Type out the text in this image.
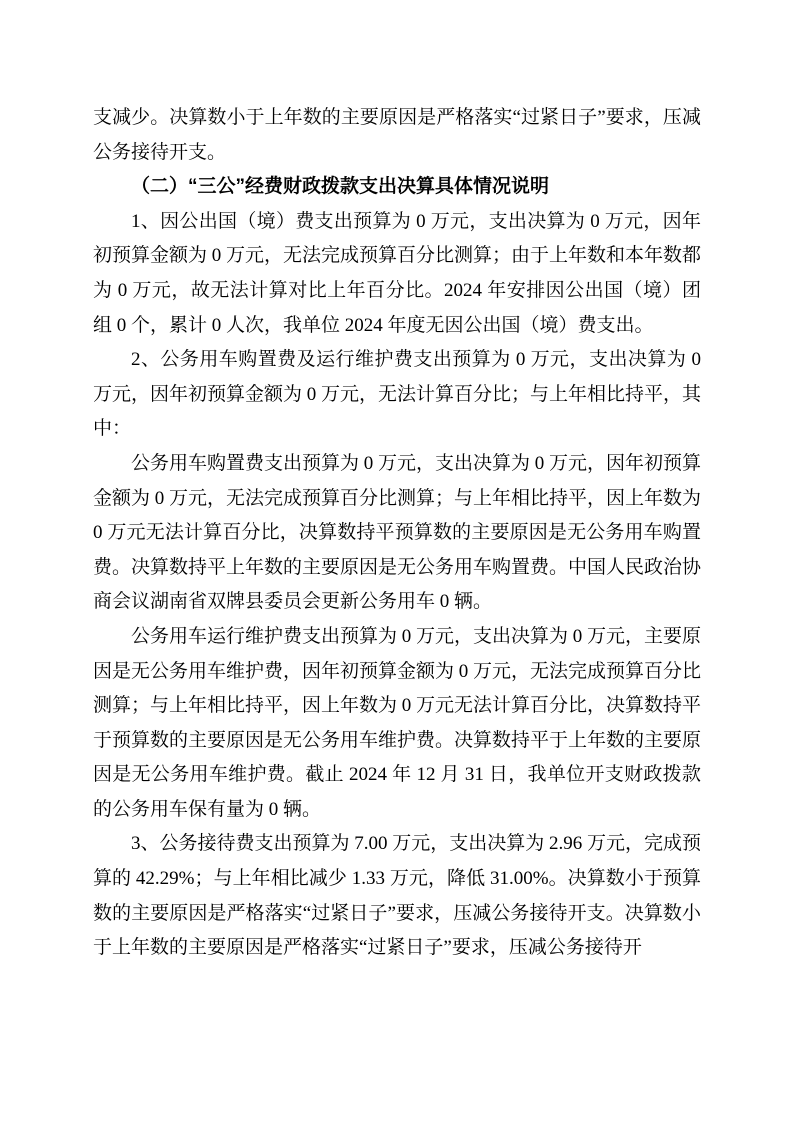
支减少。决算数小于上年数的主要原因是严格落实“过紧日子”要求，压减公务接待开支。

（二）“三公”经费财政拨款支出决算具体情况说明

1、因公出国（境）费支出预算为 0 万元，支出决算为 0 万元，因年初预算金额为 0 万元，无法完成预算百分比测算；由于上年数和本年数都为 0 万元，故无法计算对比上年百分比。2024 年安排因公出国（境）团组 0 个，累计 0 人次，我单位 2024 年度无因公出国（境）费支出。

2、公务用车购置费及运行维护费支出预算为 0 万元，支出决算为 0 万元，因年初预算金额为 0 万元，无法计算百分比；与上年相比持平，其中：

公务用车购置费支出预算为 0 万元，支出决算为 0 万元，因年初预算金额为 0 万元，无法完成预算百分比测算；与上年相比持平，因上年数为 0 万元无法计算百分比，决算数持平预算数的主要原因是无公务用车购置费。决算数持平上年数的主要原因是无公务用车购置费。中国人民政治协商会议湖南省双牌县委员会更新公务用车 0 辆。

公务用车运行维护费支出预算为 0 万元，支出决算为 0 万元，主要原因是无公务用车维护费，因年初预算金额为 0 万元，无法完成预算百分比测算；与上年相比持平，因上年数为 0 万元无法计算百分比，决算数持平于预算数的主要原因是无公务用车维护费。决算数持平于上年数的主要原因是无公务用车维护费。截止 2024 年 12 月 31 日，我单位开支财政拨款的公务用车保有量为 0 辆。

3、公务接待费支出预算为 7.00 万元，支出决算为 2.96 万元，完成预算的 42.29%；与上年相比减少 1.33 万元，降低 31.00%。决算数小于预算数的主要原因是严格落实“过紧日子”要求，压减公务接待开支。决算数小于上年数的主要原因是严格落实“过紧日子”要求，压减公务接待开
